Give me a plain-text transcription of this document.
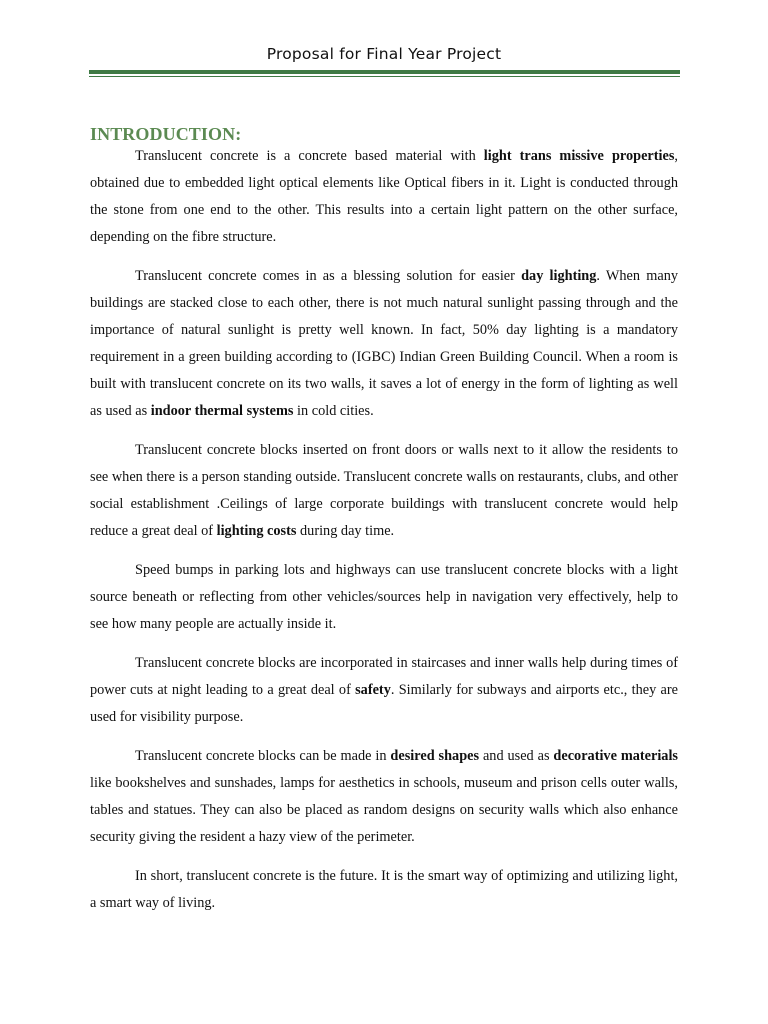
Proposal for Final Year Project
INTRODUCTION:

Translucent concrete is a concrete based material with light trans missive properties, obtained due to embedded light optical elements like Optical fibers in it. Light is conducted through the stone from one end to the other. This results into a certain light pattern on the other surface, depending on the fibre structure.

Translucent concrete comes in as a blessing solution for easier day lighting. When many buildings are stacked close to each other, there is not much natural sunlight passing through and the importance of natural sunlight is pretty well known. In fact, 50% day lighting is a mandatory requirement in a green building according to (IGBC) Indian Green Building Council. When a room is built with translucent concrete on its two walls, it saves a lot of energy in the form of lighting as well as used as indoor thermal systems in cold cities.

Translucent concrete blocks inserted on front doors or walls next to it allow the residents to see when there is a person standing outside. Translucent concrete walls on restaurants, clubs, and other social establishment .Ceilings of large corporate buildings with translucent concrete would help reduce a great deal of lighting costs during day time.

Speed bumps in parking lots and highways can use translucent concrete blocks with a light source beneath or reflecting from other vehicles/sources help in navigation very effectively, help to see how many people are actually inside it.

Translucent concrete blocks are incorporated in staircases and inner walls help during times of power cuts at night leading to a great deal of safety. Similarly for subways and airports etc., they are used for visibility purpose.

Translucent concrete blocks can be made in desired shapes and used as decorative materials like bookshelves and sunshades, lamps for aesthetics in schools, museum and prison cells outer walls, tables and statues. They can also be placed as random designs on security walls which also enhance security giving the resident a hazy view of the perimeter.

In short, translucent concrete is the future. It is the smart way of optimizing and utilizing light, a smart way of living.
